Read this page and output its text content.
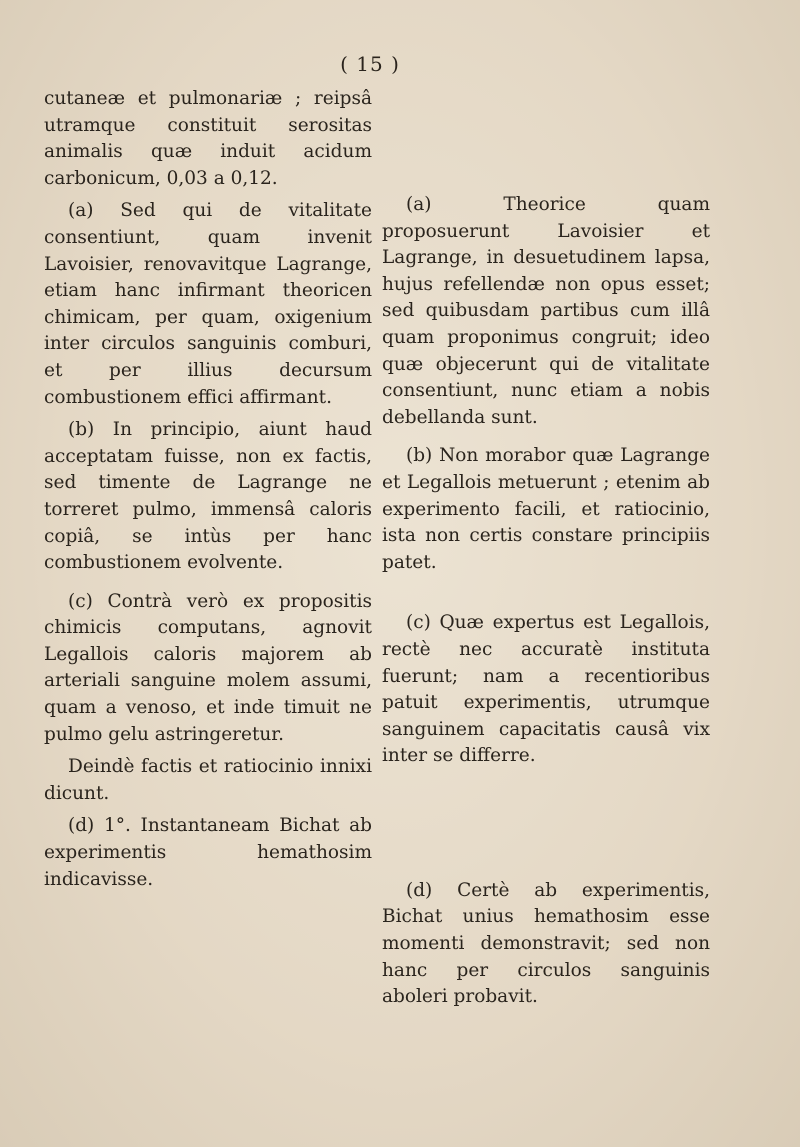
( 15 )

cutaneæ et pulmonariæ ; reipsâ utramque constituit serositas animalis quæ induit acidum carbonicum, 0,03 a 0,12.

(a) Sed qui de vitalitate consentiunt, quam invenit Lavoisier, renovavitque Lagrange, etiam hanc infirmant theoricen chimicam, per quam, oxigenium inter circulos sanguinis comburi, et per illius decursum combustionem effici affirmant.

(b) In principio, aiunt haud acceptatam fuisse, non ex factis, sed timente de Lagrange ne torreret pulmo, immensâ caloris copiâ, se intùs per hanc combustionem evolvente.

(c) Contrà verò ex propositis chimicis computans, agnovit Legallois caloris majorem ab arteriali sanguine molem assumi, quam a venoso, et inde timuit ne pulmo gelu astringeretur.

Deindè factis et ratiocinio innixi dicunt.

(d) 1°. Instantaneam Bichat ab experimentis hemathosim indicavisse.

(a) Theorice quam proposuerunt Lavoisier et Lagrange, in desuetudinem lapsa, hujus refellendæ non opus esset; sed quibusdam partibus cum illâ quam proponimus congruit; ideo quæ objecerunt qui de vitalitate consentiunt, nunc etiam a nobis debellanda sunt.

(b) Non morabor quæ Lagrange et Legallois metuerunt ; etenim ab experimento facili, et ratiocinio, ista non certis constare principiis patet.

(c) Quæ expertus est Legallois, rectè nec accuratè instituta fuerunt; nam a recentioribus patuit experimentis, utrumque sanguinem capacitatis causâ vix inter se differre.

(d) Certè ab experimentis, Bichat unius hemathosim esse momenti demonstravit; sed non hanc per circulos sanguinis aboleri probavit.
